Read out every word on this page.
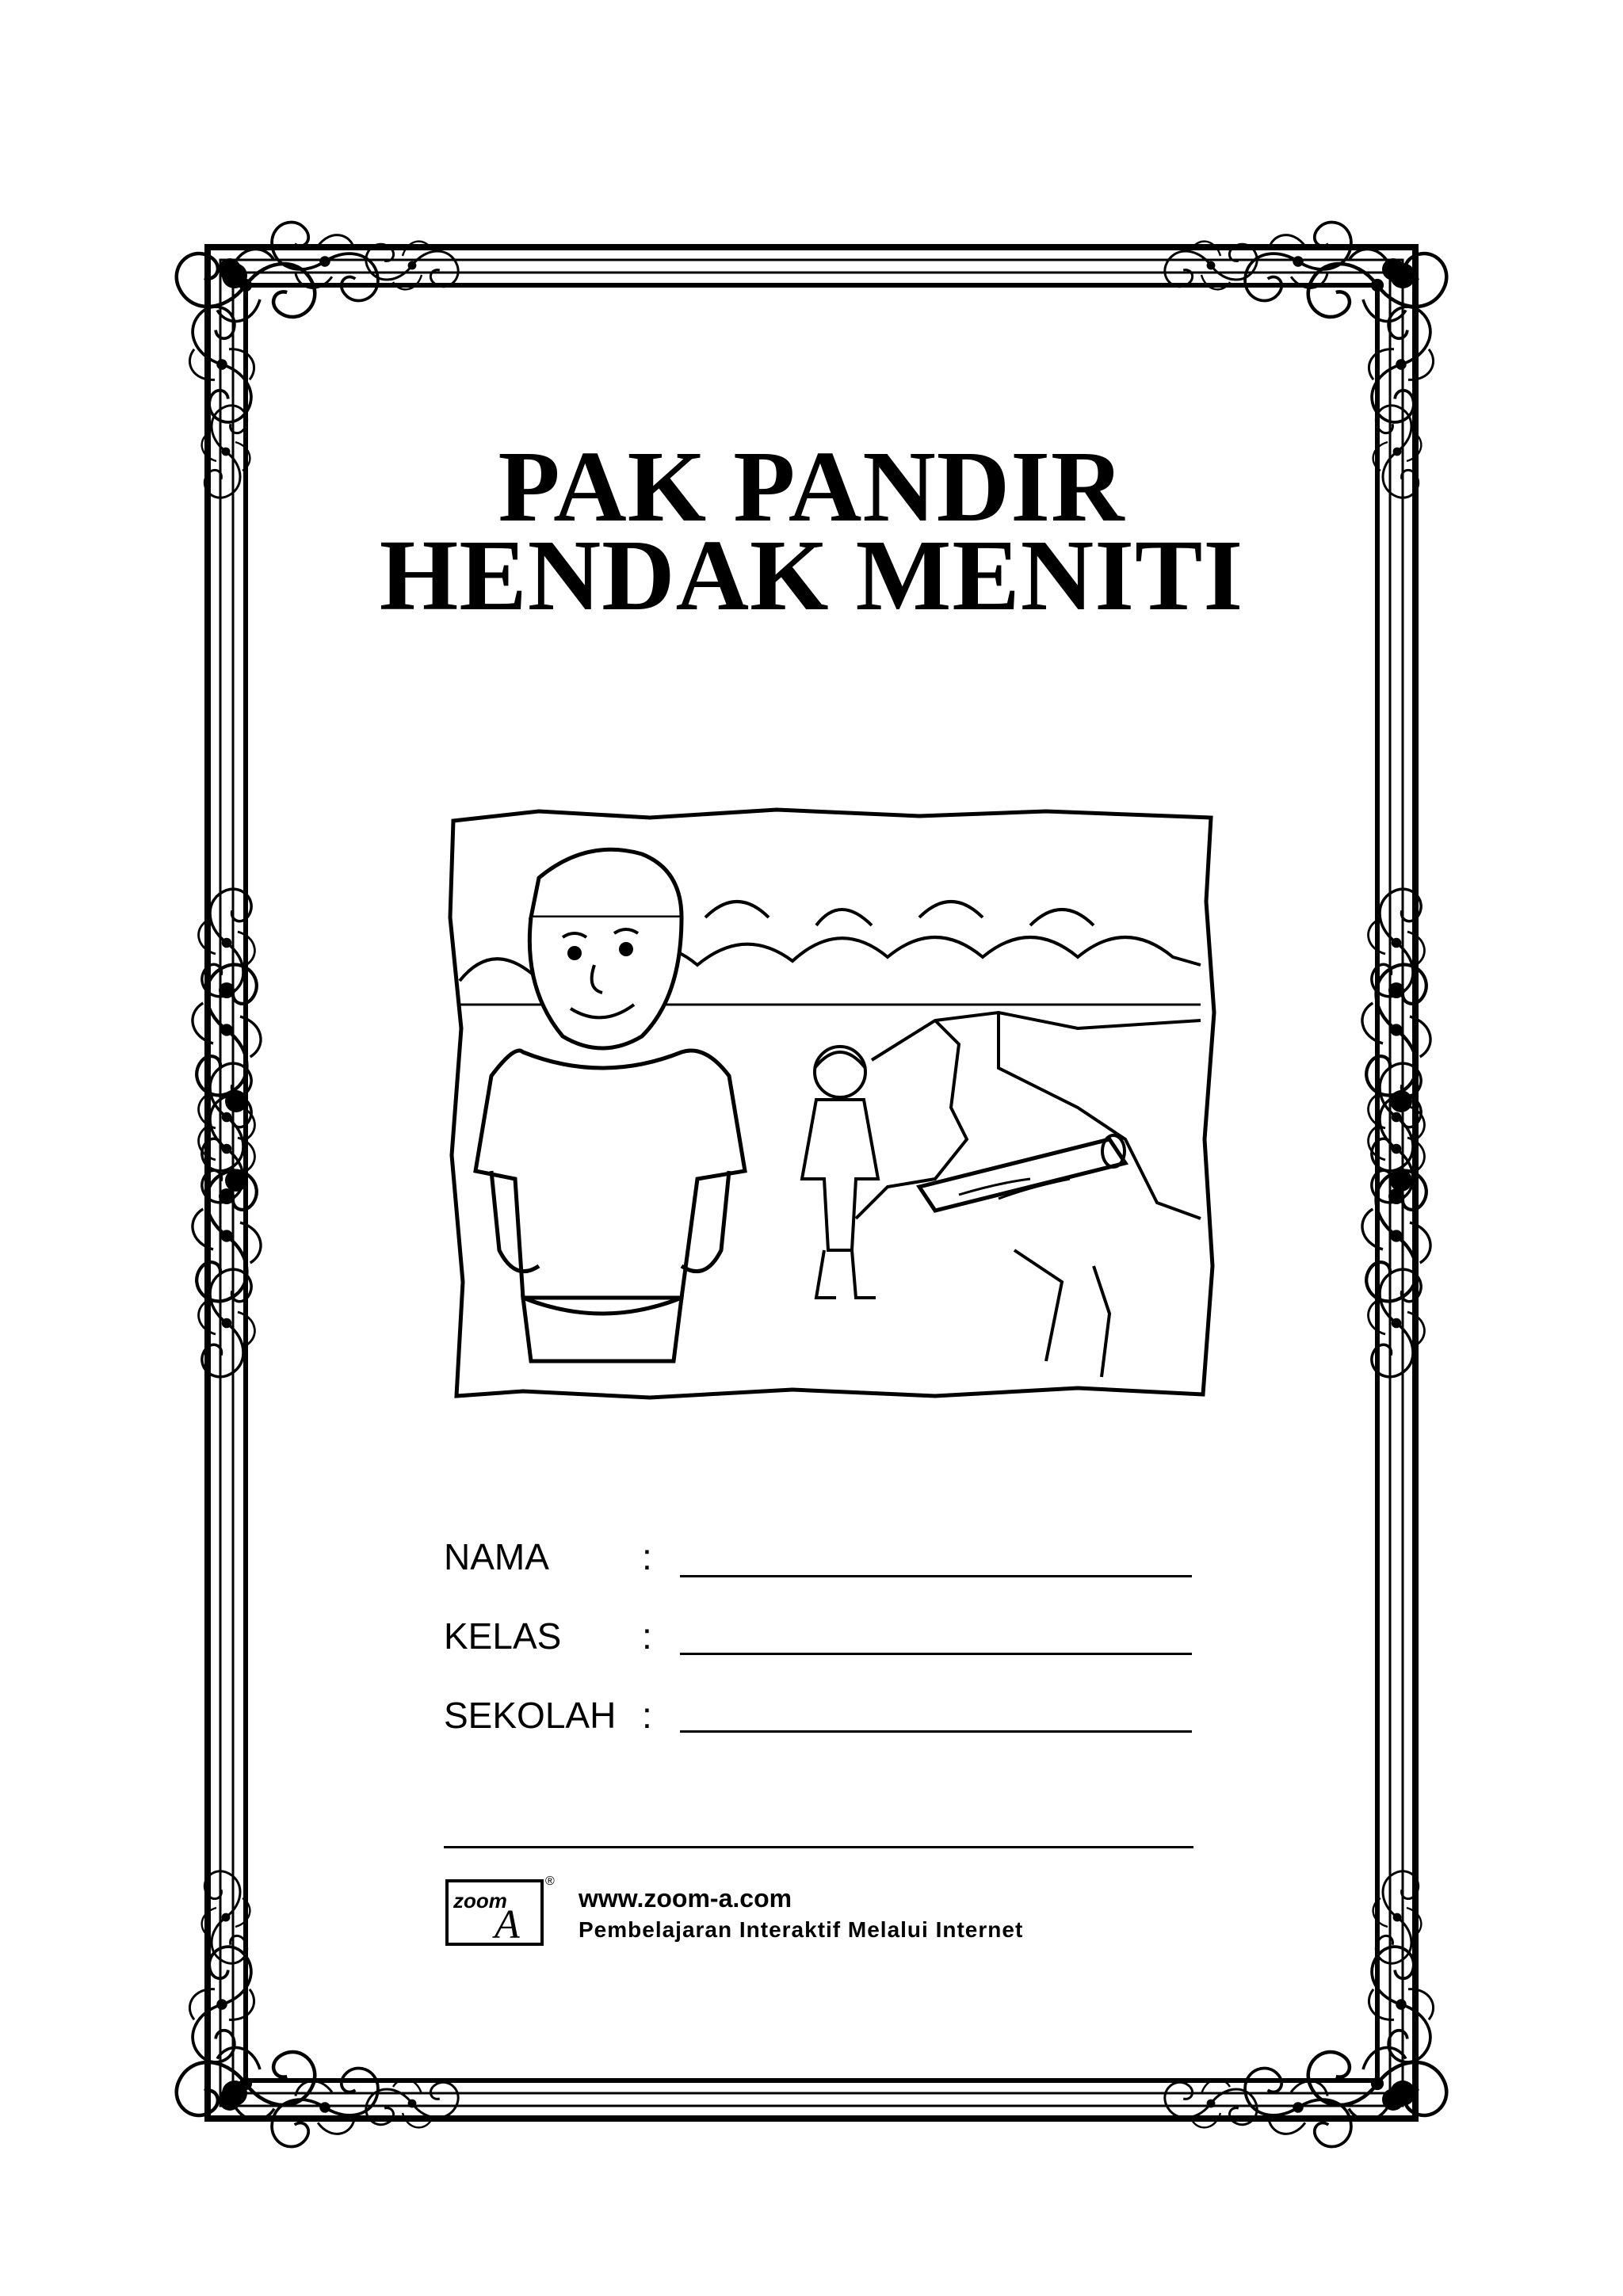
PAK PANDIR
HENDAK MENITI
NAMA	:
KELAS :
SEKOLAH :
zoom
A
®
www.zoom-a.com
Pembelajaran Interaktif Melalui Internet
